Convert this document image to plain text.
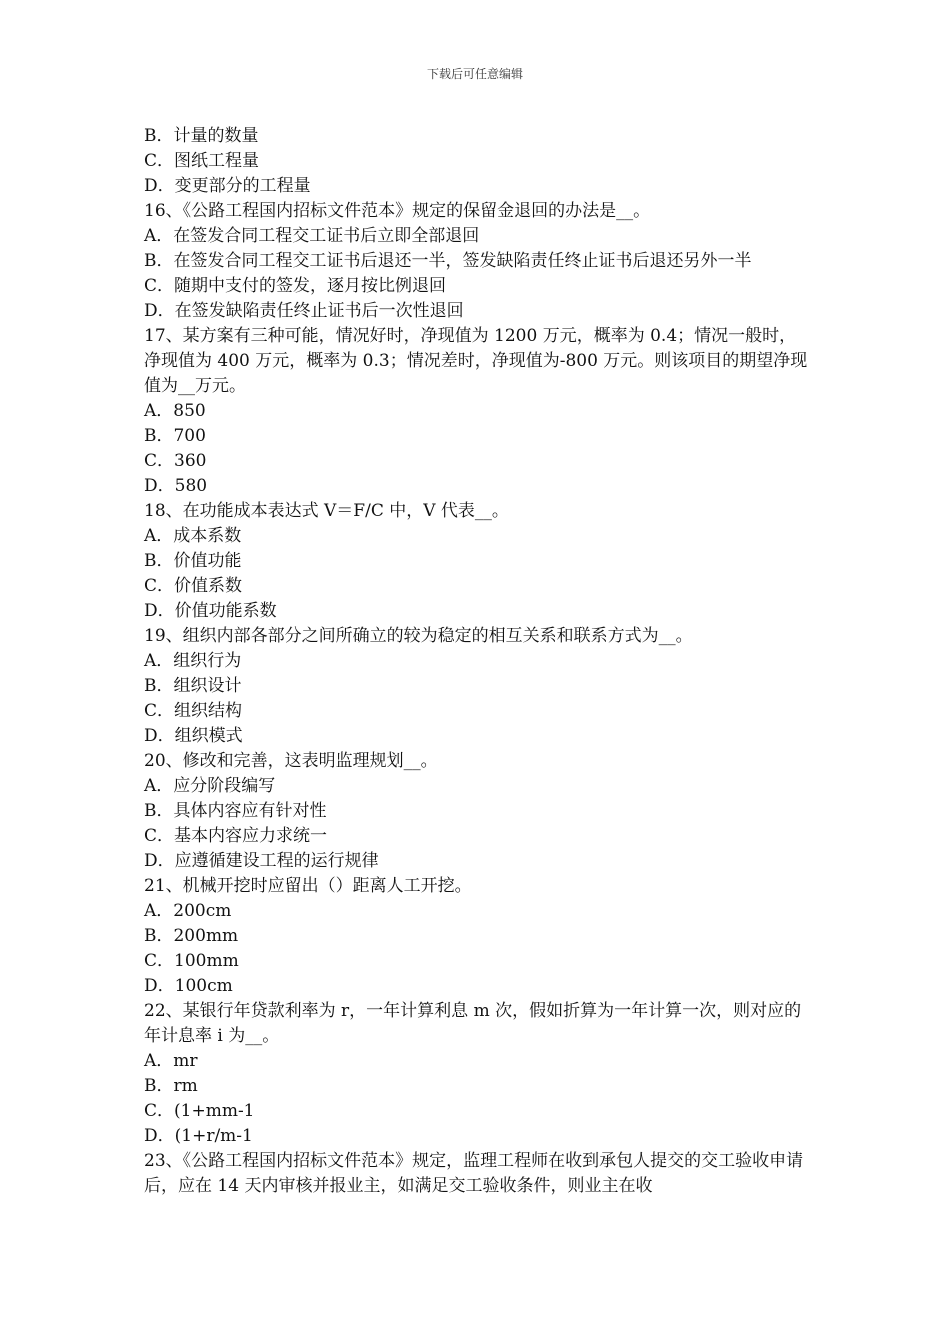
下载后可任意编辑

B．计量的数量

C．图纸工程量

D．变更部分的工程量

16、《公路工程国内招标文件范本》规定的保留金退回的办法是__。

A．在签发合同工程交工证书后立即全部退回

B．在签发合同工程交工证书后退还一半，签发缺陷责任终止证书后退还另外一半

C．随期中支付的签发，逐月按比例退回

D．在签发缺陷责任终止证书后一次性退回

17、某方案有三种可能，情况好时，净现值为 1200 万元，概率为 0.4；情况一般时，净现值为 400 万元，概率为 0.3；情况差时，净现值为-800 万元。则该项目的期望净现值为__万元。

A．850

B．700

C．360

D．580

18、在功能成本表达式 V＝F/C 中，V 代表__。

A．成本系数

B．价值功能

C．价值系数

D．价值功能系数

19、组织内部各部分之间所确立的较为稳定的相互关系和联系方式为__。

A．组织行为

B．组织设计

C．组织结构

D．组织模式

20、修改和完善，这表明监理规划__。

A．应分阶段编写

B．具体内容应有针对性

C．基本内容应力求统一

D．应遵循建设工程的运行规律

21、机械开挖时应留出（）距离人工开挖。

A．200cm

B．200mm

C．100mm

D．100cm

22、某银行年贷款利率为 r，一年计算利息 m 次，假如折算为一年计算一次，则对应的年计息率 i 为__。

A．mr

B．rm

C．(1+mm-1

D．(1+r/m-1

23、《公路工程国内招标文件范本》规定，监理工程师在收到承包人提交的交工验收申请后，应在 14 天内审核并报业主，如满足交工验收条件，则业主在收
